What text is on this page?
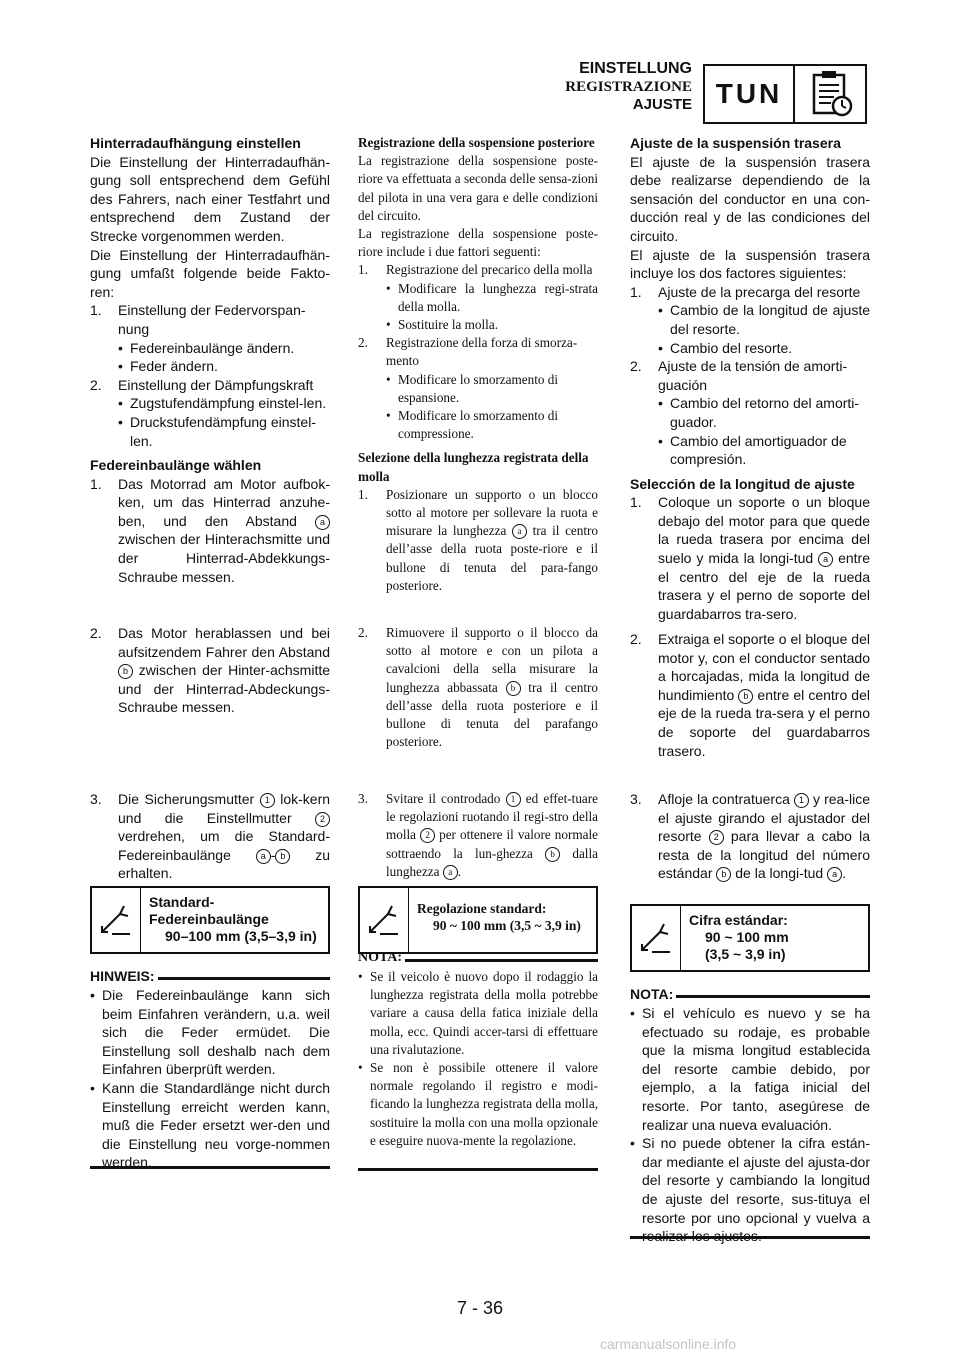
EINSTELLUNG
REGISTRAZIONE
AJUSTE TUN

Hinterradaufhängung einstellen

Die Einstellung der Hinterradaufhän-gung soll entsprechend dem Gefühl des Fahrers, nach einer Testfahrt und entsprechend dem Zustand der Strecke vorgenommen werden.

Die Einstellung der Hinterradaufhän-gung umfaßt folgende beide Fakto-ren:

1.	Einstellung der Federvorspan-nung
• Federeinbaulänge ändern.
• Feder ändern.
2.	Einstellung der Dämpfungskraft
• Zugstufendämpfung einstel-len.
• Druckstufendämpfung einstel-len.

Federeinbaulänge wählen

1.	Das Motorrad am Motor aufbok-ken, um das Hinterrad anzuhe-ben, und den Abstand	a zwischen der Hinterachsmitte und der Hinterrad-Abdekkungs-Schraube messen.
2.	Das Motor herablassen und bei aufsitzendem Fahrer den Abstand b zwischen der Hinter-achsmitte und der Hinterrad-Abdeckungs-Schraube messen.
3.	Die Sicherungsmutter 1 lok-kern und die Einstellmutter	2 verdrehen, um die Standard-Federeinbaulänge	a - b zu erhalten.
Standard-
Federeinbaulänge
90–100 mm (3,5–3,9 in)
HINWEIS:
• Die Federeinbaulänge kann sich beim Einfahren verändern, u.a. weil sich die Feder ermüdet. Die Einstellung soll deshalb nach dem Einfahren überprüft werden.
• Kann die Standardlänge nicht durch Einstellung erreicht werden kann, muß die Feder ersetzt wer-den und die Einstellung neu vorge-nommen werden.

Registrazione della sospensione posteriore

La registrazione della sospensione poste-riore va effettuata a seconda delle sensa-zioni del pilota in una vera gara e delle condizioni del circuito.

La registrazione della sospensione poste-riore include i due fattori seguenti:

1.	Registrazione del precarico della molla
• Modificare la lunghezza regi-strata della molla.
• Sostituire la molla.
2.	Registrazione della forza di smorza-mento
• Modificare lo smorzamento di espansione.
• Modificare lo smorzamento di compressione.

Selezione della lunghezza registrata della molla

1.	Posizionare un supporto o un blocco sotto al motore per sollevare la ruota e misurare la lunghezza a tra il centro dell’asse della ruota poste-riore e il bullone di tenuta del para-fango posteriore.
2.	Rimuovere il supporto o il blocco da sotto al motore e con un pilota a cavalcioni della sella misurare la lunghezza abbassata b tra il centro dell’asse della ruota posteriore e il bullone di tenuta del parafango posteriore.
3.	Svitare il controdado 1 ed effet-tuare le regolazioni ruotando il regi-stro della molla 2 per ottenere il valore normale sottraendo la lun-ghezza b dalla lunghezza a .
Regolazione standard:
90 ~ 100 mm (3,5 ~ 3,9 in)
NOTA:
• Se il veicolo è nuovo dopo il rodaggio la lunghezza registrata della molla potrebbe variare a causa della fatica iniziale della molla, ecc. Quindi accer-tarsi di effettuare una rivalutazione.
• Se non è possibile ottenere il valore normale regolando il registro e modi-ficando la lunghezza registrata della molla, sostituire la molla con una molla opzionale e eseguire nuova-mente la regolazione.

Ajuste de la suspensión trasera

El ajuste de la suspensión trasera debe realizarse dependiendo de la sensación del conductor en una con-ducción real y de las condiciones del circuito.

El ajuste de la suspensión trasera incluye los dos factores siguientes:

1.	Ajuste de la precarga del resorte
• Cambio de la longitud de ajuste del resorte.
• Cambio del resorte.
2.	Ajuste de la tensión de amorti-guación
• Cambio del retorno del amorti-guador.
• Cambio del amortiguador de compresión.

Selección de la longitud de ajuste

1.	Coloque un soporte o un bloque debajo del motor para que quede la rueda trasera por encima del suelo y mida la longi-tud a entre el centro del eje de la rueda trasera y el perno de soporte del guardabarros tra-sero.
2.	Extraiga el soporte o el bloque del motor y, con el conductor sentado a horcajadas, mida la longitud de hundimiento b entre el centro del eje de la rueda tra-sera y el perno de soporte del guardabarros trasero.
3.	Afloje la contratuerca 1 y rea-lice el ajuste girando el ajustador del resorte 2 para llevar a cabo la resta de la longitud del número estándar b de la longi-tud a .
Cifra estándar:
90 ~ 100 mm
(3,5 ~ 3,9 in)
NOTA:
• Si el vehículo es nuevo y se ha efectuado su rodaje, es probable que la misma longitud establecida del resorte cambie debido, por ejemplo, a la fatiga inicial del resorte. Por tanto, asegúrese de realizar una nueva evaluación.
• Si no puede obtener la cifra están-dar mediante el ajuste del ajusta-dor del resorte y cambiando la longitud de ajuste del resorte, sus-tituya el resorte por uno opcional y vuelva a realizar los ajustes.
7 - 36
carmanualsonline.info
